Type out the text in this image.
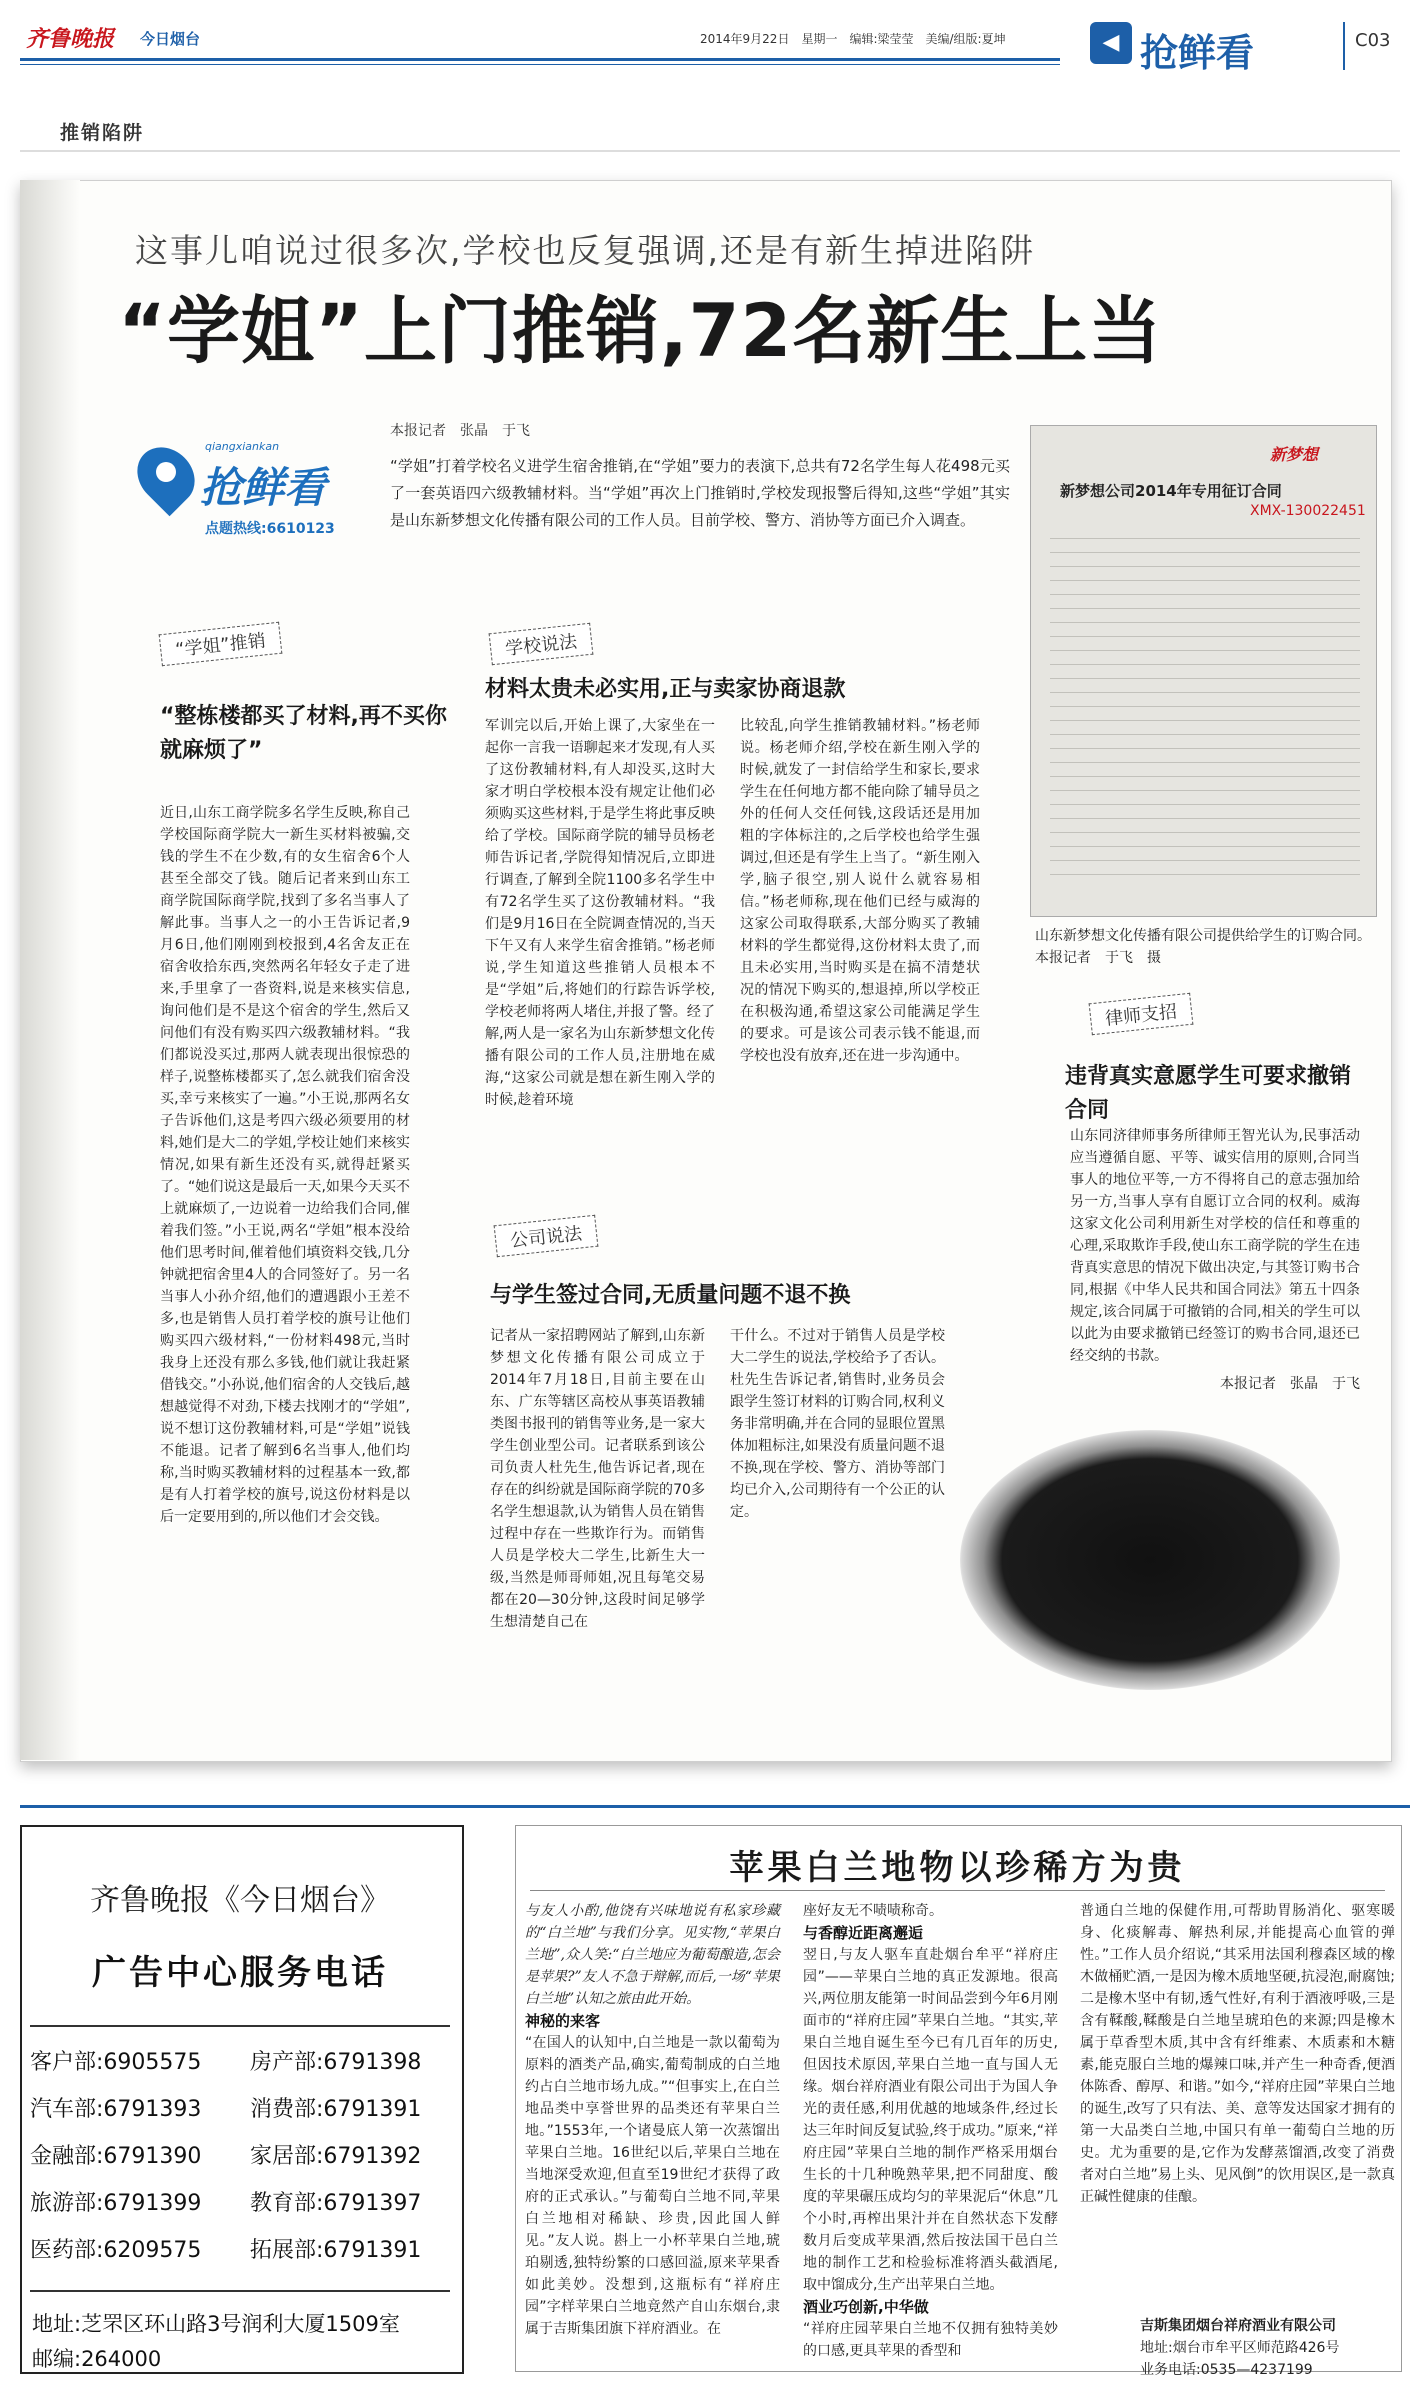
齐鲁晚报 今日烟台	2014年9月22日　星期一　编辑:梁莹莹　美编/组版:夏坤	◀ 抢鲜看	C03
推销陷阱
这事儿咱说过很多次,学校也反复强调,还是有新生掉进陷阱
“学姐”上门推销,72名新生上当
qiangxiankan
抢鲜看
点题热线:6610123
本报记者　张晶　于飞
“学姐”打着学校名义进学生宿舍推销,在“学姐”要力的表演下,总共有72名学生每人花498元买了一套英语四六级教辅材料。当“学姐”再次上门推销时,学校发现报警后得知,这些“学姐”其实是山东新梦想文化传播有限公司的工作人员。目前学校、警方、消协等方面已介入调查。
新梦想
新梦想公司2014年专用征订合同
XMX-130022451
山东新梦想文化传播有限公司提供给学生的订购合同。　本报记者　于飞　摄
“学姐”推销
“整栋楼都买了材料,再不买你就麻烦了”
近日,山东工商学院多名学生反映,称自己学校国际商学院大一新生买材料被骗,交钱的学生不在少数,有的女生宿舍6个人甚至全部交了钱。随后记者来到山东工商学院国际商学院,找到了多名当事人了解此事。当事人之一的小王告诉记者,9月6日,他们刚刚到校报到,4名舍友正在宿舍收拾东西,突然两名年轻女子走了进来,手里拿了一沓资料,说是来核实信息,询问他们是不是这个宿舍的学生,然后又问他们有没有购买四六级教辅材料。“我们都说没买过,那两人就表现出很惊恐的样子,说整栋楼都买了,怎么就我们宿舍没买,幸亏来核实了一遍。”小王说,那两名女子告诉他们,这是考四六级必须要用的材料,她们是大二的学姐,学校让她们来核实情况,如果有新生还没有买,就得赶紧买了。“她们说这是最后一天,如果今天买不上就麻烦了,一边说着一边给我们合同,催着我们签。”小王说,两名“学姐”根本没给他们思考时间,催着他们填资料交钱,几分钟就把宿舍里4人的合同签好了。另一名当事人小孙介绍,他们的遭遇跟小王差不多,也是销售人员打着学校的旗号让他们购买四六级材料,“一份材料498元,当时我身上还没有那么多钱,他们就让我赶紧借钱交。”小孙说,他们宿舍的人交钱后,越想越觉得不对劲,下楼去找刚才的“学姐”,说不想订这份教辅材料,可是“学姐”说钱不能退。记者了解到6名当事人,他们均称,当时购买教辅材料的过程基本一致,都是有人打着学校的旗号,说这份材料是以后一定要用到的,所以他们才会交钱。
学校说法
材料太贵未必实用,正与卖家协商退款
军训完以后,开始上课了,大家坐在一起你一言我一语聊起来才发现,有人买了这份教辅材料,有人却没买,这时大家才明白学校根本没有规定让他们必须购买这些材料,于是学生将此事反映给了学校。国际商学院的辅导员杨老师告诉记者,学院得知情况后,立即进行调查,了解到全院1100多名学生中有72名学生买了这份教辅材料。“我们是9月16日在全院调查情况的,当天下午又有人来学生宿舍推销。”杨老师说,学生知道这些推销人员根本不是“学姐”后,将她们的行踪告诉学校,学校老师将两人堵住,并报了警。经了解,两人是一家名为山东新梦想文化传播有限公司的工作人员,注册地在威海,“这家公司就是想在新生刚入学的时候,趁着环境
比较乱,向学生推销教辅材料。”杨老师说。杨老师介绍,学校在新生刚入学的时候,就发了一封信给学生和家长,要求学生在任何地方都不能向除了辅导员之外的任何人交任何钱,这段话还是用加粗的字体标注的,之后学校也给学生强调过,但还是有学生上当了。“新生刚入学,脑子很空,别人说什么就容易相信。”杨老师称,现在他们已经与威海的这家公司取得联系,大部分购买了教辅材料的学生都觉得,这份材料太贵了,而且未必实用,当时购买是在搞不清楚状况的情况下购买的,想退掉,所以学校正在积极沟通,希望这家公司能满足学生的要求。可是该公司表示钱不能退,而学校也没有放弃,还在进一步沟通中。
公司说法
与学生签过合同,无质量问题不退不换
记者从一家招聘网站了解到,山东新梦想文化传播有限公司成立于2014年7月18日,目前主要在山东、广东等辖区高校从事英语教辅类图书报刊的销售等业务,是一家大学生创业型公司。记者联系到该公司负责人杜先生,他告诉记者,现在存在的纠纷就是国际商学院的70多名学生想退款,认为销售人员在销售过程中存在一些欺诈行为。而销售人员是学校大二学生,比新生大一级,当然是师哥师姐,况且每笔交易都在20—30分钟,这段时间足够学生想清楚自己在
干什么。不过对于销售人员是学校大二学生的说法,学校给予了否认。杜先生告诉记者,销售时,业务员会跟学生签订材料的订购合同,权利义务非常明确,并在合同的显眼位置黑体加粗标注,如果没有质量问题不退不换,现在学校、警方、消协等部门均已介入,公司期待有一个公正的认定。
律师支招
违背真实意愿学生可要求撤销合同
山东同济律师事务所律师王智光认为,民事活动应当遵循自愿、平等、诚实信用的原则,合同当事人的地位平等,一方不得将自己的意志强加给另一方,当事人享有自愿订立合同的权利。威海这家文化公司利用新生对学校的信任和尊重的心理,采取欺诈手段,使山东工商学院的学生在违背真实意思的情况下做出决定,与其签订购书合同,根据《中华人民共和国合同法》第五十四条规定,该合同属于可撤销的合同,相关的学生可以以此为由要求撤销已经签订的购书合同,退还已经交纳的书款。
本报记者　张晶　于飞
齐鲁晚报《今日烟台》
广告中心服务电话
客户部:6905575 房产部:6791398
汽车部:6791393 消费部:6791391
金融部:6791390 家居部:6791392
旅游部:6791399 教育部:6791397
医药部:6209575 拓展部:6791391
地址:芝罘区环山路3号润利大厦1509室
邮编:264000
苹果白兰地物以珍稀方为贵
与友人小酌,他饶有兴味地说有私家珍藏的“白兰地”与我们分享。见实物,“苹果白兰地”,众人笑:“白兰地应为葡萄酿造,怎会是苹果?”友人不急于辩解,而后,一场“苹果白兰地”认知之旅由此开始。
神秘的来客
“在国人的认知中,白兰地是一款以葡萄为原料的酒类产品,确实,葡萄制成的白兰地约占白兰地市场九成。”“但事实上,在白兰地品类中享誉世界的品类还有苹果白兰地。”1553年,一个诸曼底人第一次蒸馏出苹果白兰地。16世纪以后,苹果白兰地在当地深受欢迎,但直至19世纪才获得了政府的正式承认。”与葡萄白兰地不同,苹果白兰地相对稀缺、珍贵,因此国人鲜见。”友人说。斟上一小杯苹果白兰地,琥珀剔透,独特纷繁的口感回溢,原来苹果香如此美妙。没想到,这瓶标有“祥府庄园”字样苹果白兰地竟然产自山东烟台,隶属于吉斯集团旗下祥府酒业。在
座好友无不啧啧称奇。
与香醇近距离邂逅
翌日,与友人驱车直赴烟台牟平“祥府庄园”——苹果白兰地的真正发源地。很高兴,两位朋友能第一时间品尝到今年6月刚面市的“祥府庄园”苹果白兰地。“其实,苹果白兰地自诞生至今已有几百年的历史,但因技术原因,苹果白兰地一直与国人无缘。烟台祥府酒业有限公司出于为国人争光的责任感,利用优越的地域条件,经过长达三年时间反复试验,终于成功。”原来,“祥府庄园”苹果白兰地的制作严格采用烟台生长的十几种晚熟苹果,把不同甜度、酸度的苹果碾压成均匀的苹果泥后“休息”几个小时,再榨出果汁并在自然状态下发酵数月后变成苹果酒,然后按法国干邑白兰地的制作工艺和检验标准将酒头截酒尾,取中馏成分,生产出苹果白兰地。
酒业巧创新,中华做
“祥府庄园苹果白兰地不仅拥有独特美妙的口感,更具苹果的香型和
普通白兰地的保健作用,可帮助胃肠消化、驱寒暖身、化痰解毒、解热利尿,并能提高心血管的弹性。”工作人员介绍说,“其采用法国利穆森区域的橡木做桶贮酒,一是因为橡木质地坚硬,抗浸泡,耐腐蚀;二是橡木坚中有韧,透气性好,有利于酒液呼吸,三是含有鞣酸,鞣酸是白兰地呈琥珀色的来源;四是橡木属于草香型木质,其中含有纤维素、木质素和木糖素,能克服白兰地的爆辣口味,并产生一种奇香,便酒体陈香、醇厚、和谐。”如今,“祥府庄园”苹果白兰地的诞生,改写了只有法、美、意等发达国家才拥有的第一大品类白兰地,中国只有单一葡萄白兰地的历史。尤为重要的是,它作为发酵蒸馏酒,改变了消费者对白兰地”易上头、见风倒”的饮用误区,是一款真正碱性健康的佳酿。
吉斯集团烟台祥府酒业有限公司
地址:烟台市牟平区师范路426号
业务电话:0535—4237199
